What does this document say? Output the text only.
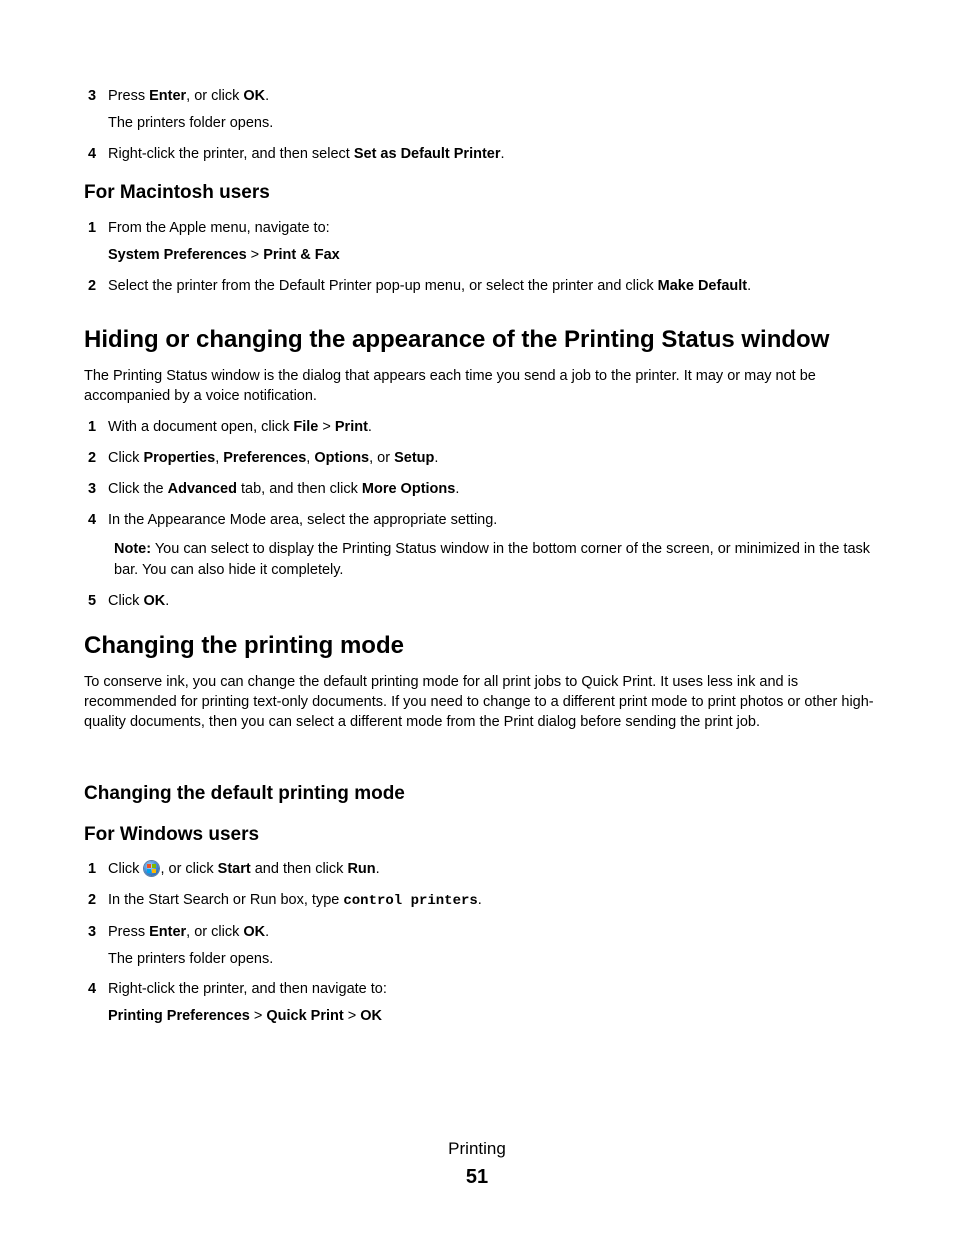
3 Press Enter, or click OK.
The printers folder opens.
4 Right-click the printer, and then select Set as Default Printer.
For Macintosh users
1 From the Apple menu, navigate to:
System Preferences > Print & Fax
2 Select the printer from the Default Printer pop-up menu, or select the printer and click Make Default.
Hiding or changing the appearance of the Printing Status window
The Printing Status window is the dialog that appears each time you send a job to the printer. It may or may not be accompanied by a voice notification.
1 With a document open, click File > Print.
2 Click Properties, Preferences, Options, or Setup.
3 Click the Advanced tab, and then click More Options.
4 In the Appearance Mode area, select the appropriate setting.
Note: You can select to display the Printing Status window in the bottom corner of the screen, or minimized in the task bar. You can also hide it completely.
5 Click OK.
Changing the printing mode
To conserve ink, you can change the default printing mode for all print jobs to Quick Print. It uses less ink and is recommended for printing text-only documents. If you need to change to a different print mode to print photos or other high-quality documents, then you can select a different mode from the Print dialog before sending the print job.
Changing the default printing mode
For Windows users
1 Click
, or click Start and then click Run.
2 In the Start Search or Run box, type control printers.
3 Press Enter, or click OK.
The printers folder opens.
4 Right-click the printer, and then navigate to:
Printing Preferences > Quick Print > OK
Printing
51
